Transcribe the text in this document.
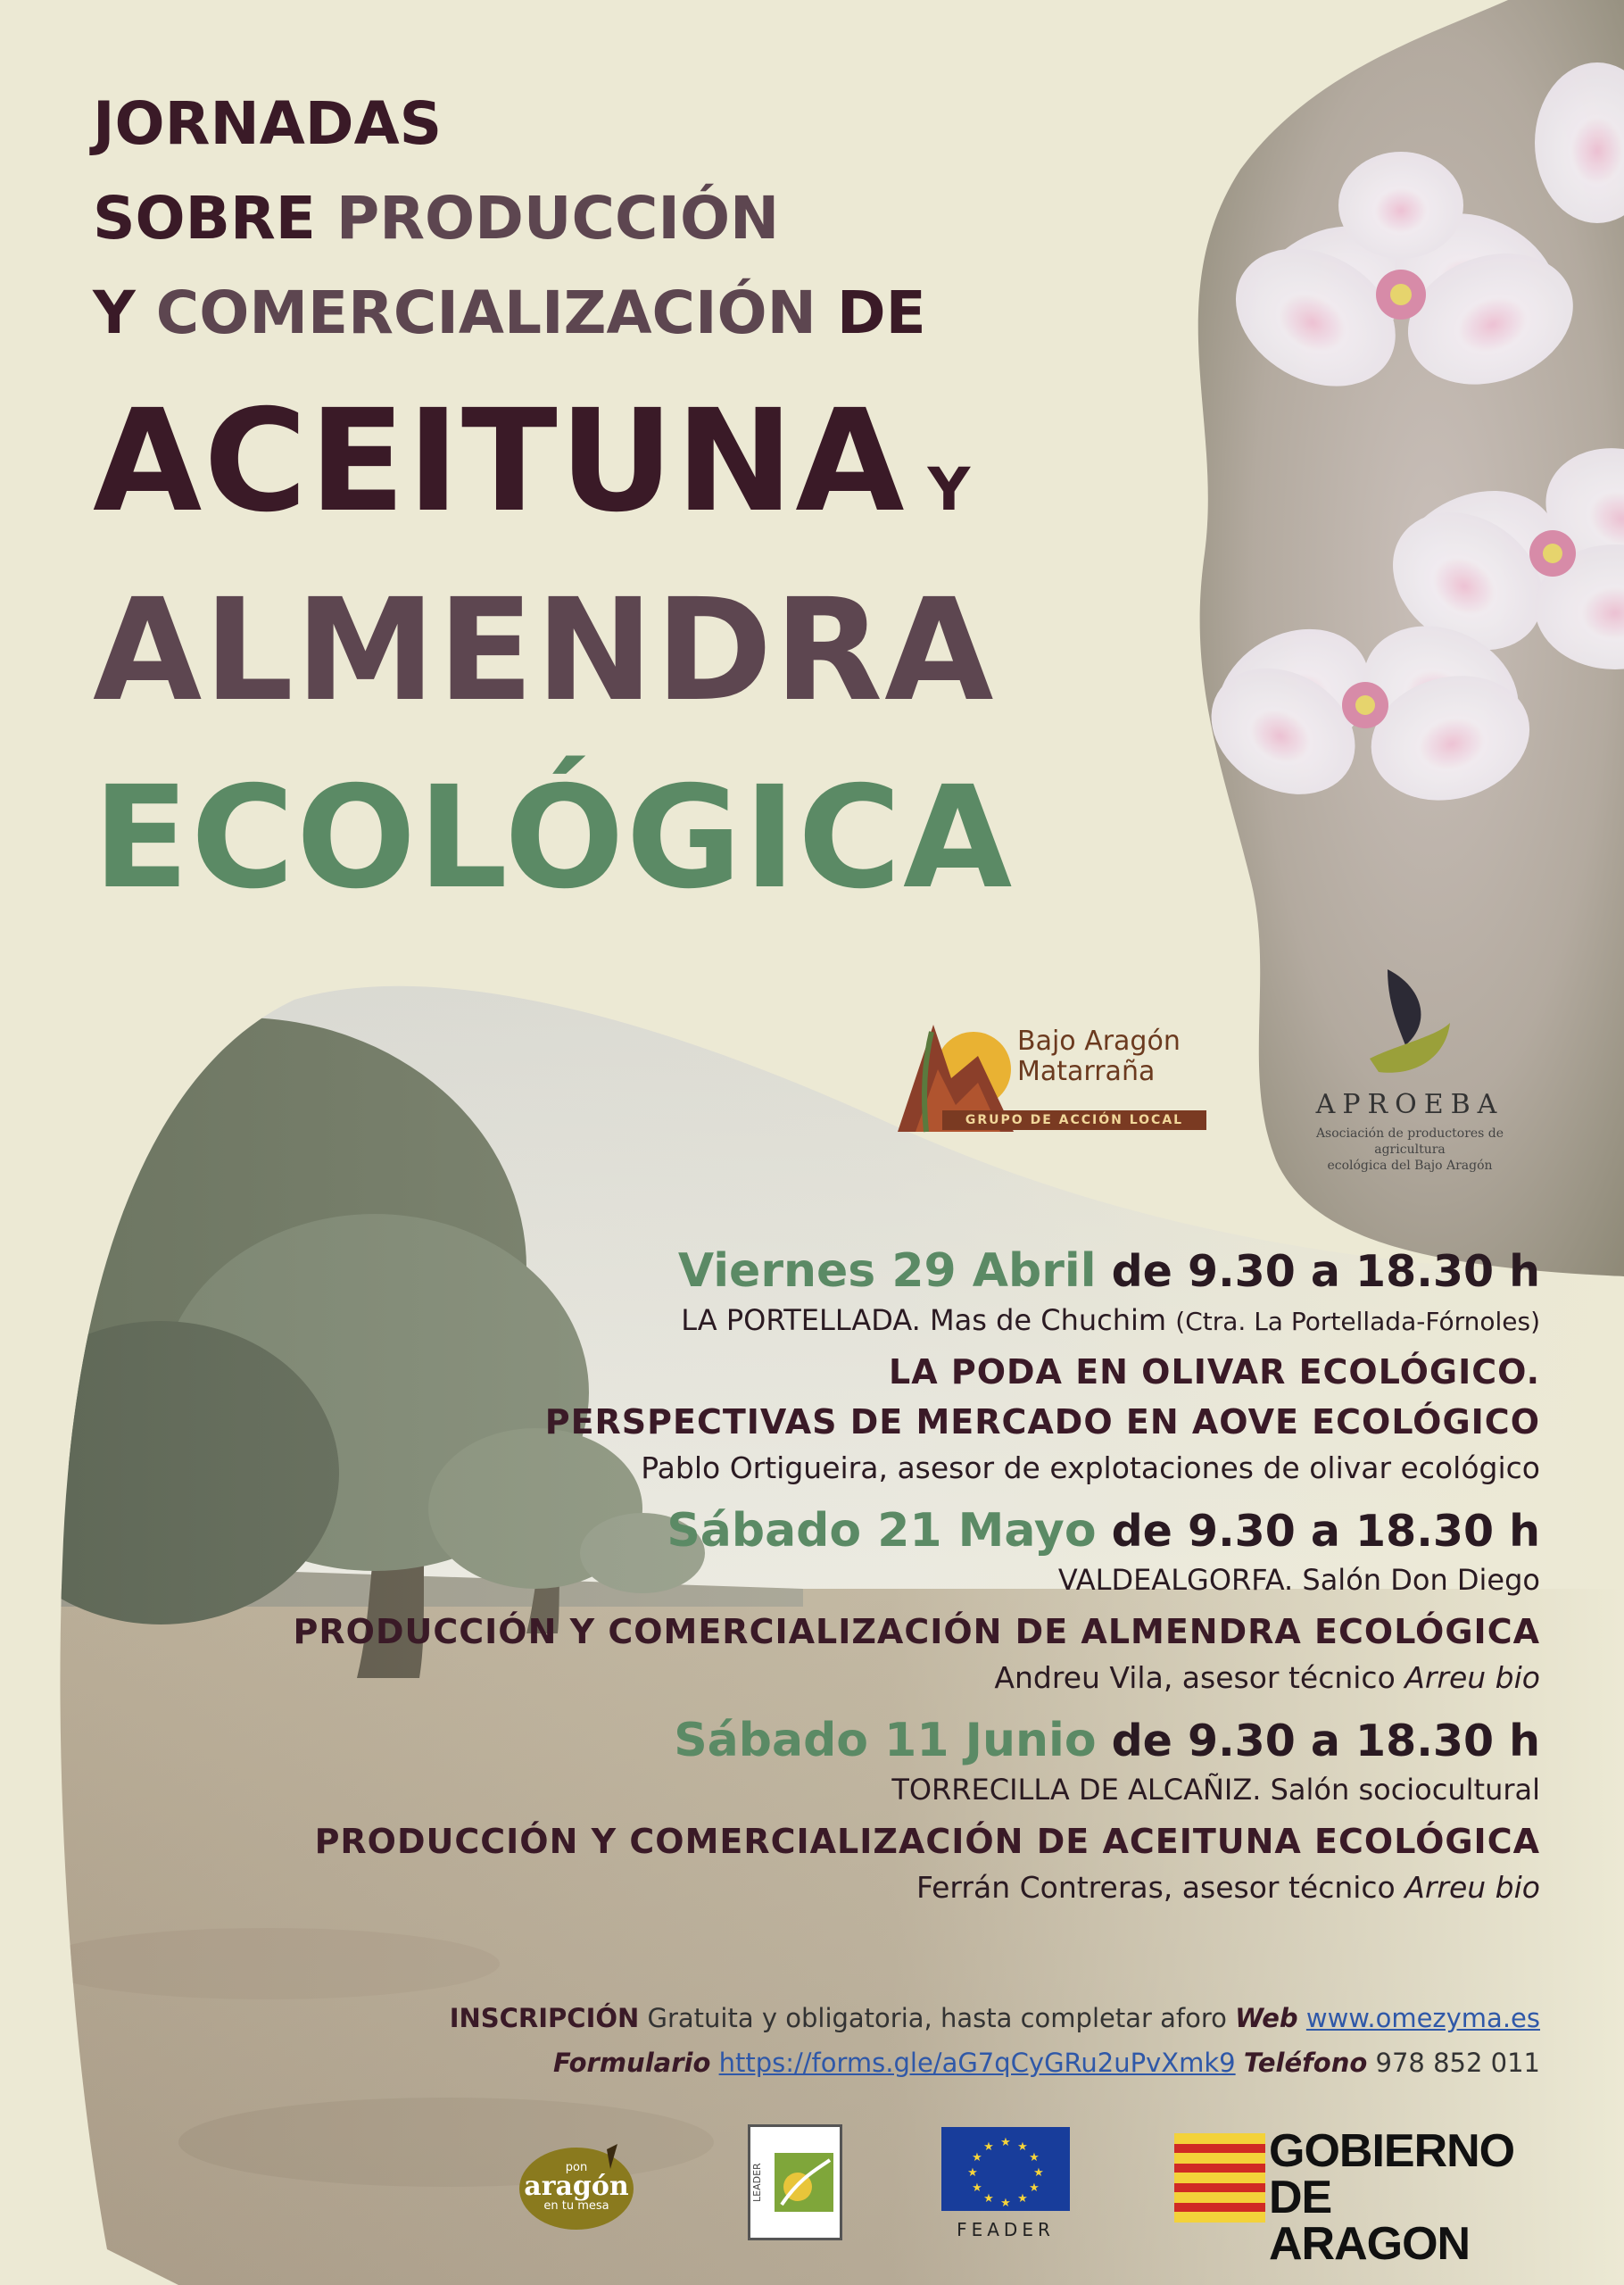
JORNADAS

SOBRE PRODUCCIÓN

Y COMERCIALIZACIÓN DE

ACEITUNA Y

ALMENDRA

ECOLÓGICA

Bajo Aragón
Matarraña
GRUPO DE ACCIÓN LOCAL	APROEBA
Asociación de productores de agricultura
ecológica del Bajo Aragón

Viernes 29 Abril de 9.30 a 18.30 h

LA PORTELLADA. Mas de Chuchim (Ctra. La Portellada-Fórnoles)

LA PODA EN OLIVAR ECOLÓGICO.

PERSPECTIVAS DE MERCADO EN AOVE ECOLÓGICO

Pablo Ortigueira, asesor de explotaciones de olivar ecológico

Sábado 21 Mayo de 9.30 a 18.30 h

VALDEALGORFA. Salón Don Diego

PRODUCCIÓN Y COMERCIALIZACIÓN DE ALMENDRA ECOLÓGICA

Andreu Vila, asesor técnico Arreu bio

Sábado 11 Junio de 9.30 a 18.30 h

TORRECILLA DE ALCAÑIZ. Salón sociocultural

PRODUCCIÓN Y COMERCIALIZACIÓN DE ACEITUNA ECOLÓGICA

Ferrán Contreras, asesor técnico Arreu bio

INSCRIPCIÓN Gratuita y obligatoria, hasta completar aforo Web www.omezyma.es
Formulario https://forms.gle/aG7qCyGRu2uPvXmk9 Teléfono 978 852 011
pon
aragón
en tu mesa
LEADER
★ ★
★
★
★
★
★
★
★
★
★
★
FEADER
GOBIERNO
DE ARAGON
